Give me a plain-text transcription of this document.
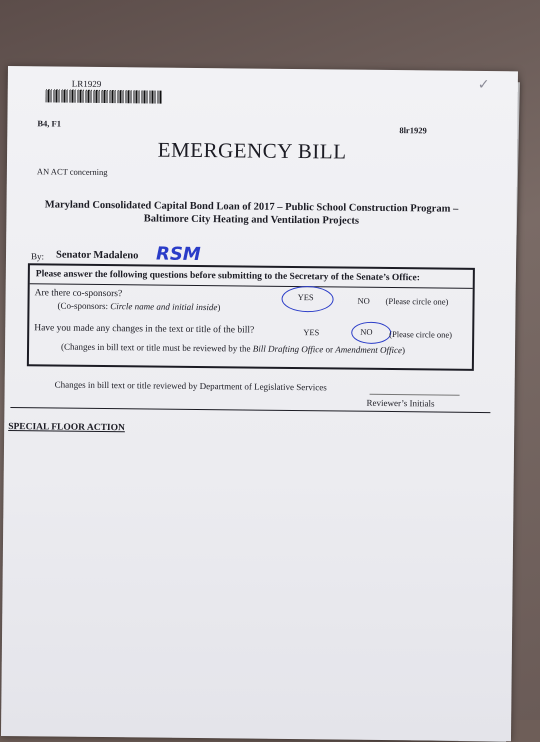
LR1929	✓
B4, F1
8lr1929
EMERGENCY BILL
AN ACT concerning
Maryland Consolidated Capital Bond Loan of 2017 – Public School Construction Program –
Baltimore City Heating and Ventilation Projects
By: Senator Madaleno RSM
Please answer the following questions before submitting to the Secretary of the Senate’s Office:
Are there co-sponsors?
(Co-sponsors: Circle name and initial inside)
YES	NO (Please circle one)
Have you made any changes in the text or title of the bill?	YES	NO (Please circle one)
(Changes in bill text or title must be reviewed by the Bill Drafting Office or Amendment Office)
Changes in bill text or title reviewed by Department of Legislative Services
Reviewer’s Initials
SPECIAL FLOOR ACTION
